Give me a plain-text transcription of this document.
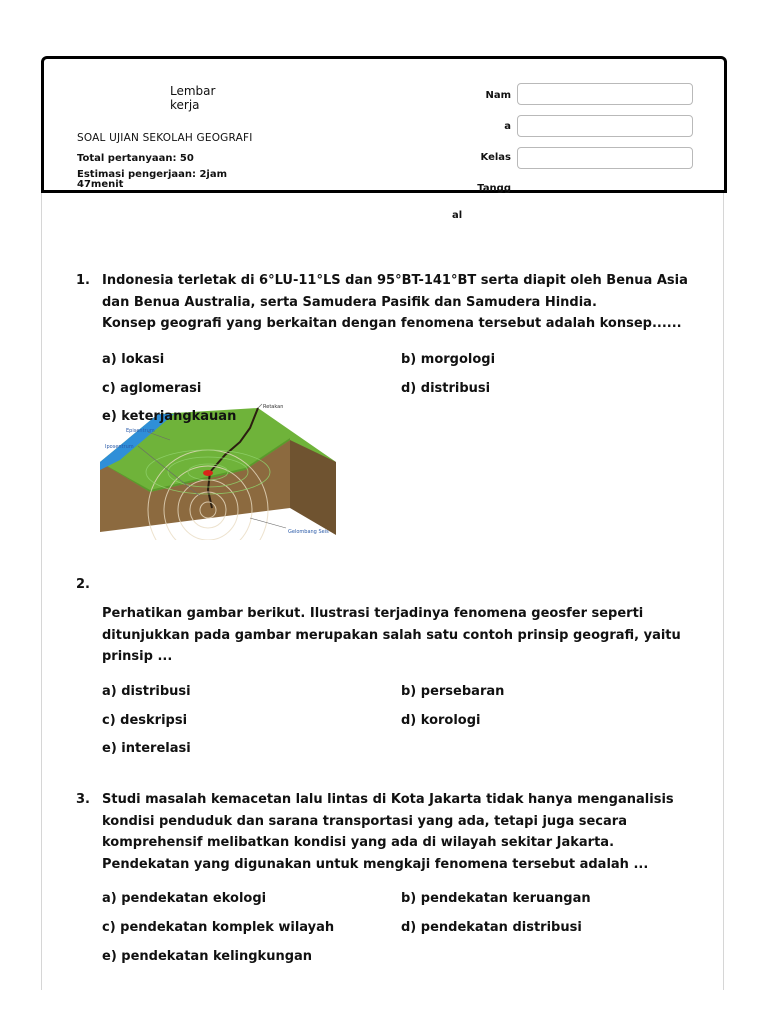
Lembar kerja
SOAL UJIAN SEKOLAH GEOGRAFI
Total pertanyaan: 50
Estimasi pengerjaan: 2jam 47menit
Nam
a
Kelas
Tangg
al
1. Indonesia terletak di 6°LU-11°LS dan 95°BT-141°BT serta diapit oleh Benua Asia
dan Benua Australia, serta Samudera Pasifik dan Samudera Hindia.
Konsep geografi yang berkaitan dengan fenomena tersebut adalah konsep......
a) lokasi	b) morgologi
c) aglomerasi	d) distribusi
Retakan
Episentrum
Iposentrum
Gelombang Seis
e) keterjangkauan
2.
Perhatikan gambar berikut. Ilustrasi terjadinya fenomena geosfer seperti
ditunjukkan pada gambar merupakan salah satu contoh prinsip geografi, yaitu
prinsip ...
a) distribusi	b) persebaran
c) deskripsi	d) korologi
e) interelasi
3. Studi masalah kemacetan lalu lintas di Kota Jakarta tidak hanya menganalisis
kondisi penduduk dan sarana transportasi yang ada, tetapi juga secara
komprehensif melibatkan kondisi yang ada di wilayah sekitar Jakarta.
Pendekatan yang digunakan untuk mengkaji fenomena tersebut adalah ...
a) pendekatan ekologi	b) pendekatan keruangan
c) pendekatan komplek wilayah	d) pendekatan distribusi
e) pendekatan kelingkungan
